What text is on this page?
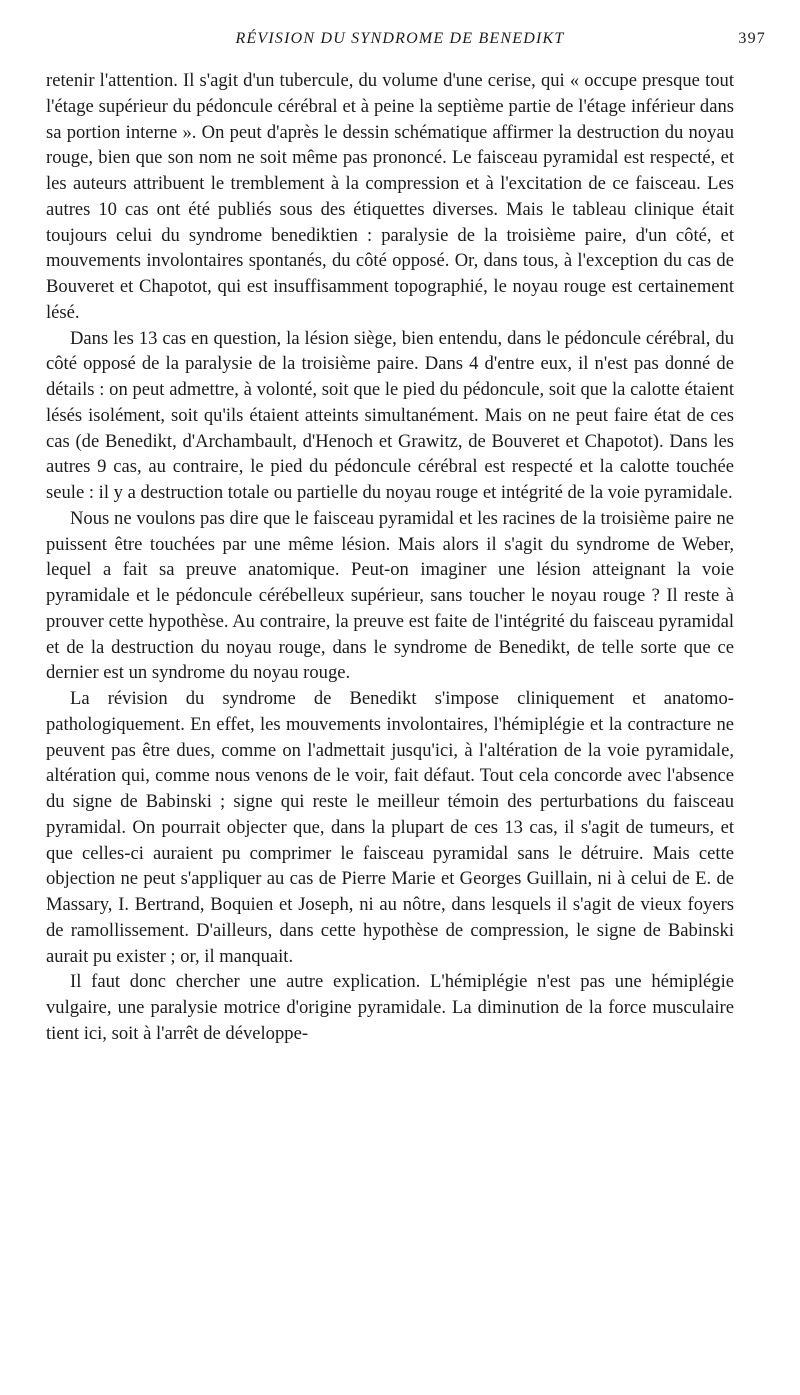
RÉVISION DU SYNDROME DE BENEDIKT	397

retenir l'attention. Il s'agit d'un tubercule, du volume d'une cerise, qui « occupe presque tout l'étage supérieur du pédoncule cérébral et à peine la septième partie de l'étage inférieur dans sa portion interne ». On peut d'après le dessin schématique affirmer la destruction du noyau rouge, bien que son nom ne soit même pas prononcé. Le faisceau pyramidal est respecté, et les auteurs attribuent le tremblement à la compression et à l'excitation de ce faisceau. Les autres 10 cas ont été publiés sous des étiquettes diverses. Mais le tableau clinique était toujours celui du syndrome benediktien : paralysie de la troisième paire, d'un côté, et mouvements involontaires spontanés, du côté opposé. Or, dans tous, à l'exception du cas de Bouveret et Chapotot, qui est insuffisamment topographié, le noyau rouge est certainement lésé.

Dans les 13 cas en question, la lésion siège, bien entendu, dans le pédoncule cérébral, du côté opposé de la paralysie de la troisième paire. Dans 4 d'entre eux, il n'est pas donné de détails : on peut admettre, à volonté, soit que le pied du pédoncule, soit que la calotte étaient lésés isolément, soit qu'ils étaient atteints simultanément. Mais on ne peut faire état de ces cas (de Benedikt, d'Archambault, d'Henoch et Grawitz, de Bouveret et Chapotot). Dans les autres 9 cas, au contraire, le pied du pédoncule cérébral est respecté et la calotte touchée seule : il y a destruction totale ou partielle du noyau rouge et intégrité de la voie pyramidale.

Nous ne voulons pas dire que le faisceau pyramidal et les racines de la troisième paire ne puissent être touchées par une même lésion. Mais alors il s'agit du syndrome de Weber, lequel a fait sa preuve anatomique. Peut-on imaginer une lésion atteignant la voie pyramidale et le pédoncule cérébelleux supérieur, sans toucher le noyau rouge ? Il reste à prouver cette hypothèse. Au contraire, la preuve est faite de l'intégrité du faisceau pyramidal et de la destruction du noyau rouge, dans le syndrome de Benedikt, de telle sorte que ce dernier est un syndrome du noyau rouge.

La révision du syndrome de Benedikt s'impose cliniquement et anatomo-pathologiquement. En effet, les mouvements involontaires, l'hémiplégie et la contracture ne peuvent pas être dues, comme on l'admettait jusqu'ici, à l'altération de la voie pyramidale, altération qui, comme nous venons de le voir, fait défaut. Tout cela concorde avec l'absence du signe de Babinski ; signe qui reste le meilleur témoin des perturbations du faisceau pyramidal. On pourrait objecter que, dans la plupart de ces 13 cas, il s'agit de tumeurs, et que celles-ci auraient pu comprimer le faisceau pyramidal sans le détruire. Mais cette objection ne peut s'appliquer au cas de Pierre Marie et Georges Guillain, ni à celui de E. de Massary, I. Bertrand, Boquien et Joseph, ni au nôtre, dans lesquels il s'agit de vieux foyers de ramollissement. D'ailleurs, dans cette hypothèse de compression, le signe de Babinski aurait pu exister ; or, il manquait.

Il faut donc chercher une autre explication. L'hémiplégie n'est pas une hémiplégie vulgaire, une paralysie motrice d'origine pyramidale. La diminution de la force musculaire tient ici, soit à l'arrêt de développe-
